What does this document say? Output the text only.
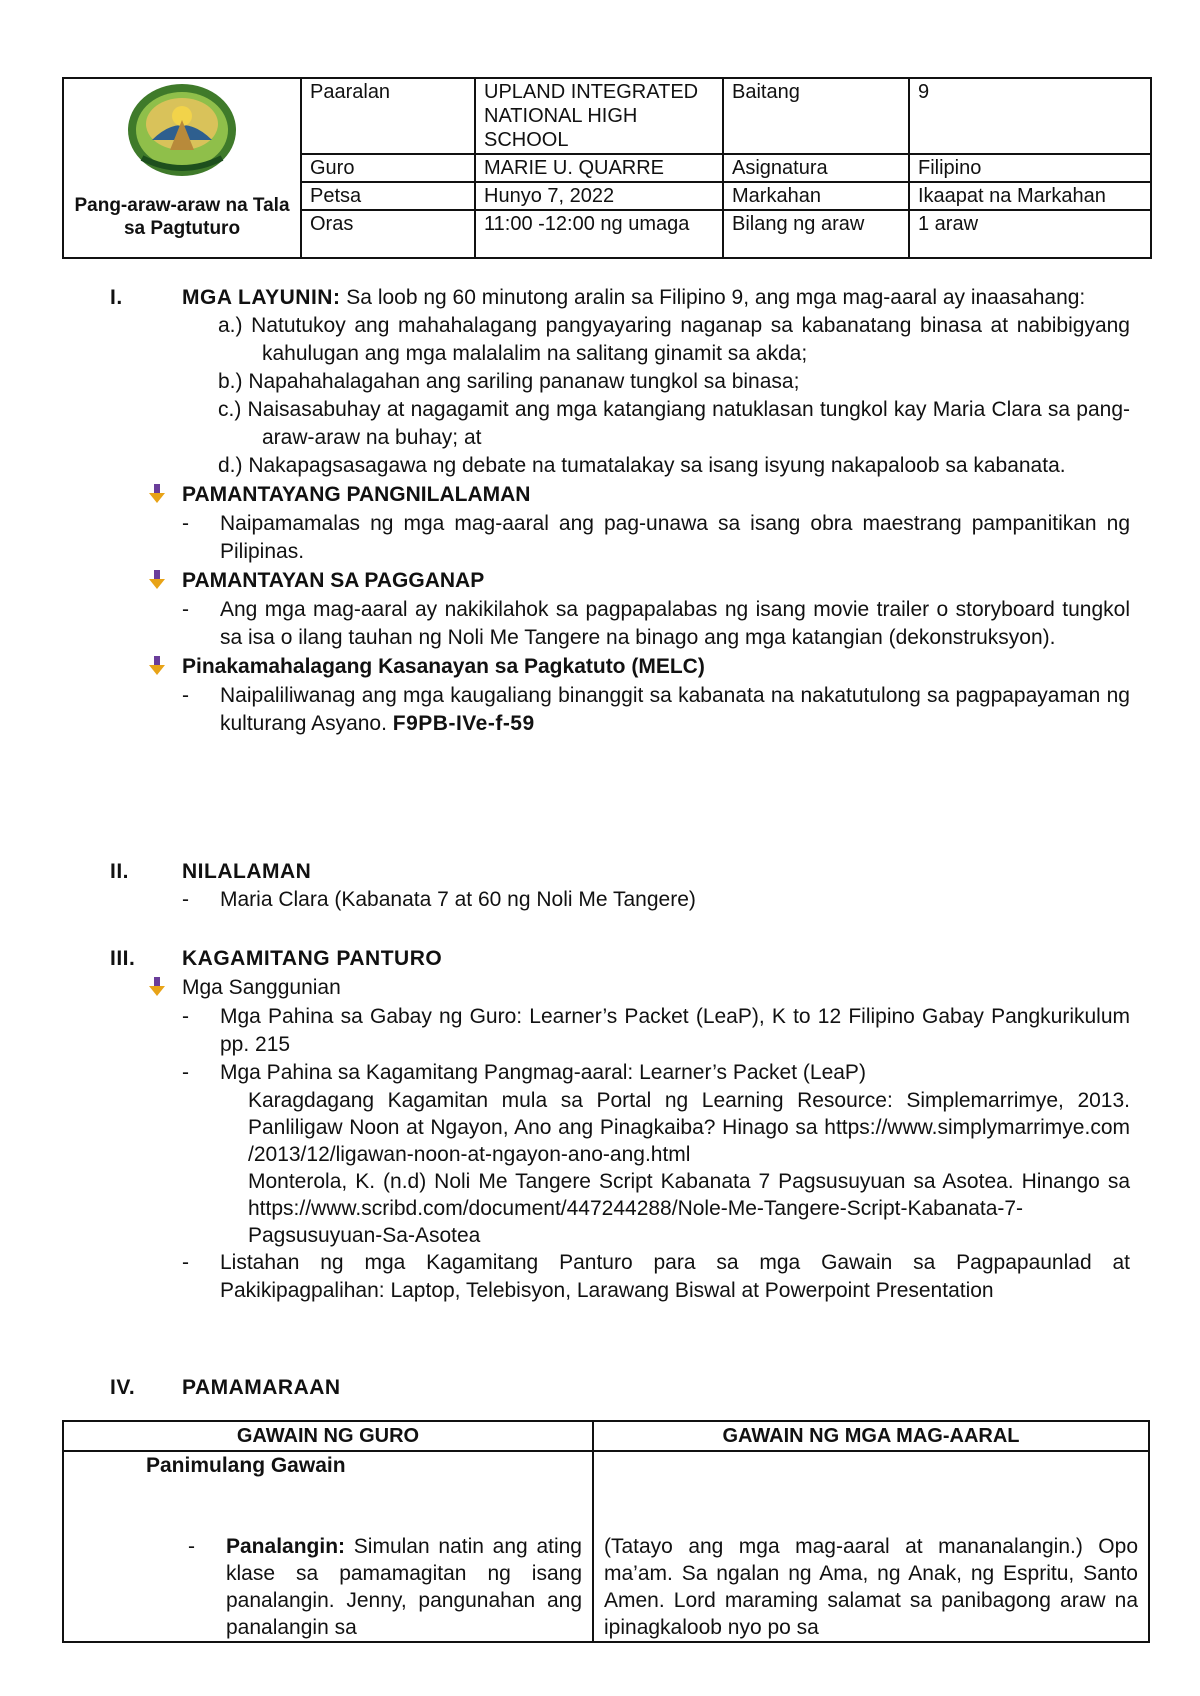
Pang-araw-araw na Tala sa Pagtuturo	Paaralan	UPLAND INTEGRATED NATIONAL HIGH SCHOOL	Baitang	9
	Guro	MARIE U. QUARRE	Asignatura	Filipino
	Petsa	Hunyo 7, 2022	Markahan	Ikaapat na Markahan
	Oras	11:00 -12:00 ng umaga	Bilang ng araw	1 araw
I.	MGA LAYUNIN: Sa loob ng 60 minutong aralin sa Filipino 9, ang mga mag-aaral ay inaasahang:
a.) Natutukoy ang mahahalagang pangyayaring naganap sa kabanatang binasa at nabibigyang kahulugan ang mga malalalim na salitang ginamit sa akda;
b.) Napahahalagahan ang sariling pananaw tungkol sa binasa;
c.) Naisasabuhay at nagagamit ang mga katangiang natuklasan tungkol kay Maria Clara sa pang-araw-araw na buhay; at
d.) Nakapagsasagawa ng debate na tumatalakay sa isang isyung nakapaloob sa kabanata.
PAMANTAYANG PANGNILALAMAN
- Naipamamalas ng mga mag-aaral ang pag-unawa sa isang obra maestrang pampanitikan ng Pilipinas.
PAMANTAYAN SA PAGGANAP
- Ang mga mag-aaral ay nakikilahok sa pagpapalabas ng isang movie trailer o storyboard tungkol sa isa o ilang tauhan ng Noli Me Tangere na binago ang mga katangian (dekonstruksyon).
Pinakamahalagang Kasanayan sa Pagkatuto (MELC)
- Naipaliliwanag ang mga kaugaliang binanggit sa kabanata na nakatutulong sa pagpapayaman ng kulturang Asyano. F9PB-IVe-f-59
II.	NILALAMAN
- Maria Clara (Kabanata 7 at 60 ng Noli Me Tangere)
III. KAGAMITANG PANTURO
Mga Sanggunian
- Mga Pahina sa Gabay ng Guro: Learner’s Packet (LeaP), K to 12 Filipino Gabay Pangkurikulum pp. 215
- Mga Pahina sa Kagamitang Pangmag-aaral: Learner’s Packet (LeaP)
Karagdagang Kagamitan mula sa Portal ng Learning Resource: Simplemarrimye, 2013. Panliligaw Noon at Ngayon, Ano ang Pinagkaiba? Hinago sa https://www.simplymarrimye.com /2013/12/ligawan-noon-at-ngayon-ano-ang.html
Monterola, K. (n.d) Noli Me Tangere Script Kabanata 7 Pagsusuyuan sa Asotea. Hinango sa https://www.scribd.com/document/447244288/Nole-Me-Tangere-Script-Kabanata-7-Pagsusuyuan-Sa-Asotea
- Listahan ng mga Kagamitang Panturo para sa mga Gawain sa Pagpapaunlad at Pakikipagpalihan: Laptop, Telebisyon, Larawang Biswal at Powerpoint Presentation
IV. PAMAMARAAN
GAWAIN NG GURO	GAWAIN NG MGA MAG-AARAL

Panimulang Gawain
- Panalangin: Simulan natin ang ating klase sa pamamagitan ng isang panalangin. Jenny, pangunahan ang panalangin sa	(Tatayo ang mga mag-aaral at mananalangin.) Opo ma’am. Sa ngalan ng Ama, ng Anak, ng Espritu, Santo Amen. Lord maraming salamat sa panibagong araw na ipinagkaloob nyo po sa
